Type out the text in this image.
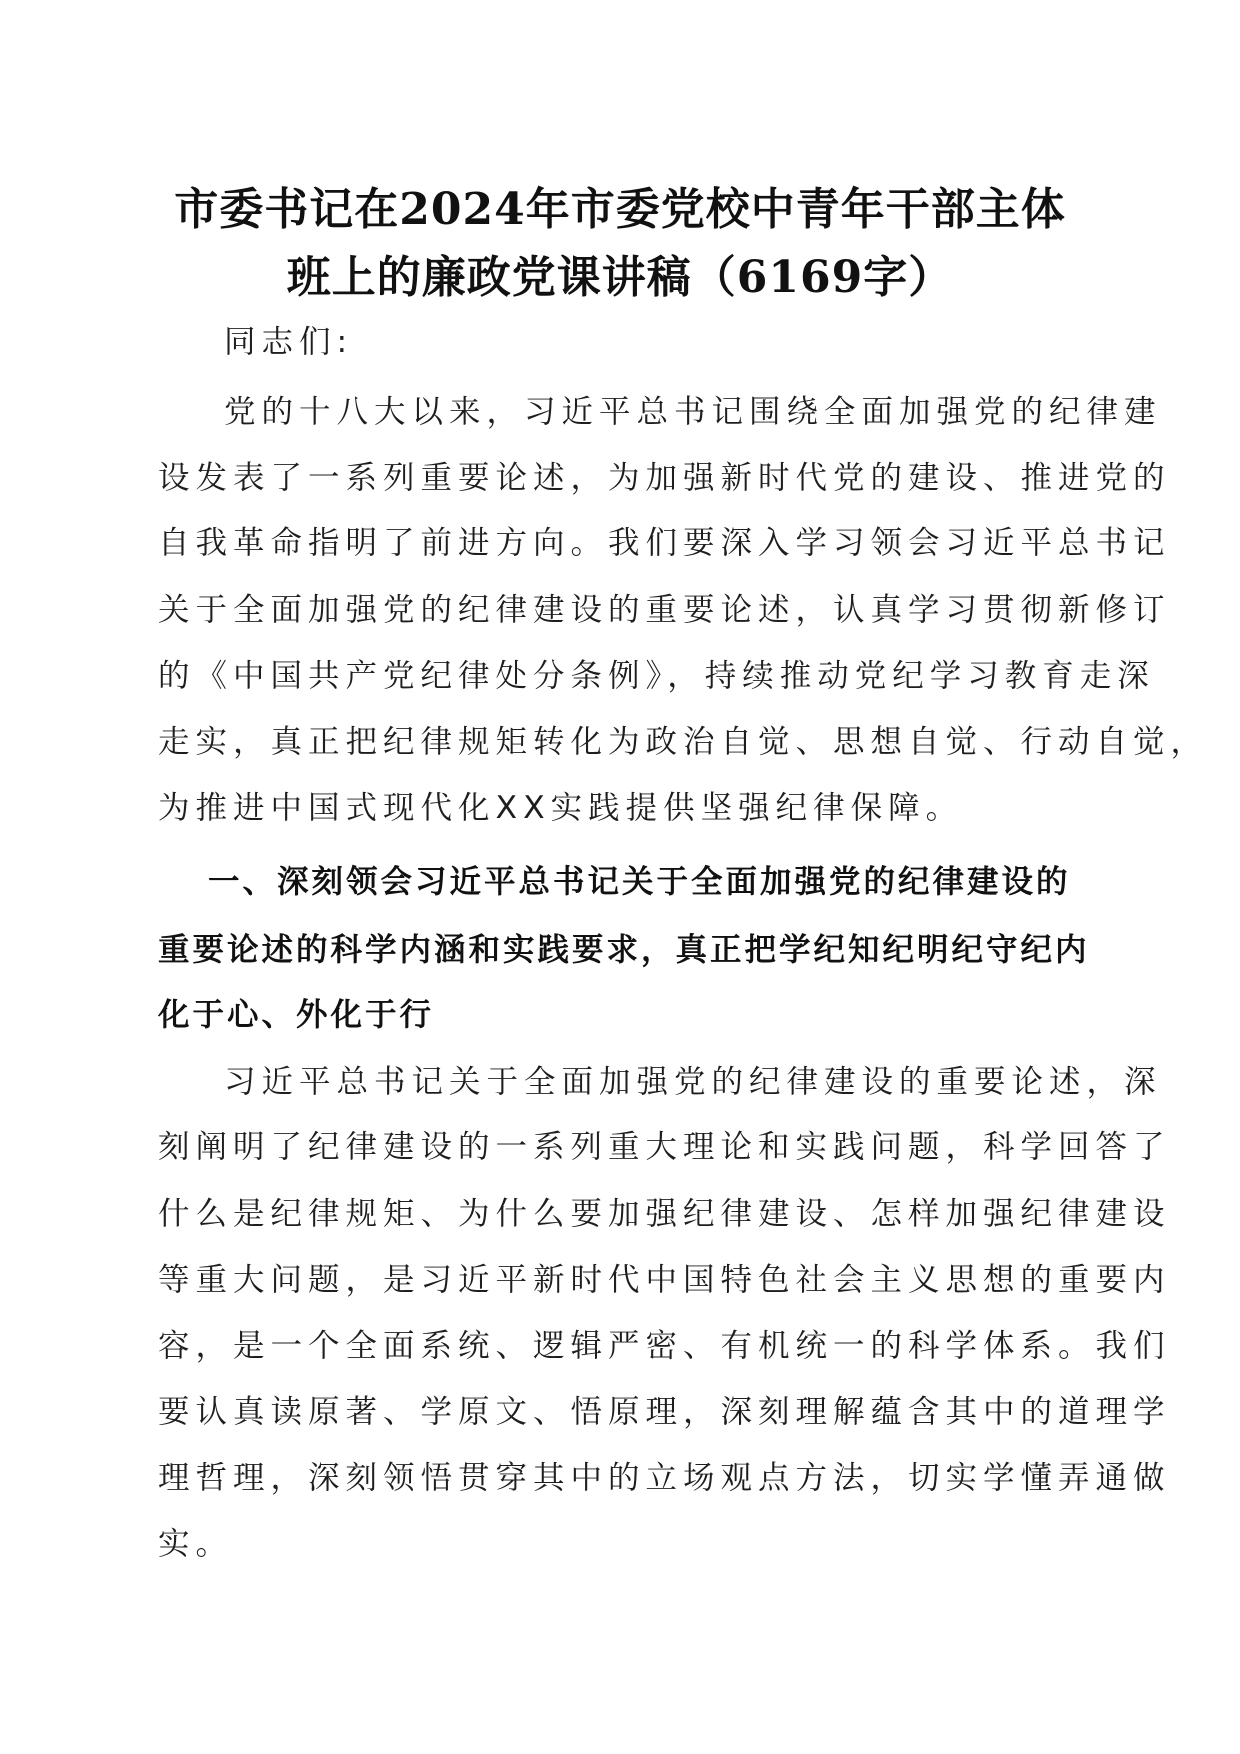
市委书记在2024年市委党校中青年干部主体
班上的廉政党课讲稿（6169字）
同志们:
党的十八大以来，习近平总书记围绕全面加强党的纪律建
设发表了一系列重要论述，为加强新时代党的建设、推进党的
自我革命指明了前进方向。我们要深入学习领会习近平总书记
关于全面加强党的纪律建设的重要论述，认真学习贯彻新修订
的《中国共产党纪律处分条例》，持续推动党纪学习教育走深
走实，真正把纪律规矩转化为政治自觉、思想自觉、行动自觉，
为推进中国式现代化XX实践提供坚强纪律保障。
一、深刻领会习近平总书记关于全面加强党的纪律建设的
重要论述的科学内涵和实践要求，真正把学纪知纪明纪守纪内
化于心、外化于行
习近平总书记关于全面加强党的纪律建设的重要论述，深
刻阐明了纪律建设的一系列重大理论和实践问题，科学回答了
什么是纪律规矩、为什么要加强纪律建设、怎样加强纪律建设
等重大问题，是习近平新时代中国特色社会主义思想的重要内
容，是一个全面系统、逻辑严密、有机统一的科学体系。我们
要认真读原著、学原文、悟原理，深刻理解蕴含其中的道理学
理哲理，深刻领悟贯穿其中的立场观点方法，切实学懂弄通做
实。
